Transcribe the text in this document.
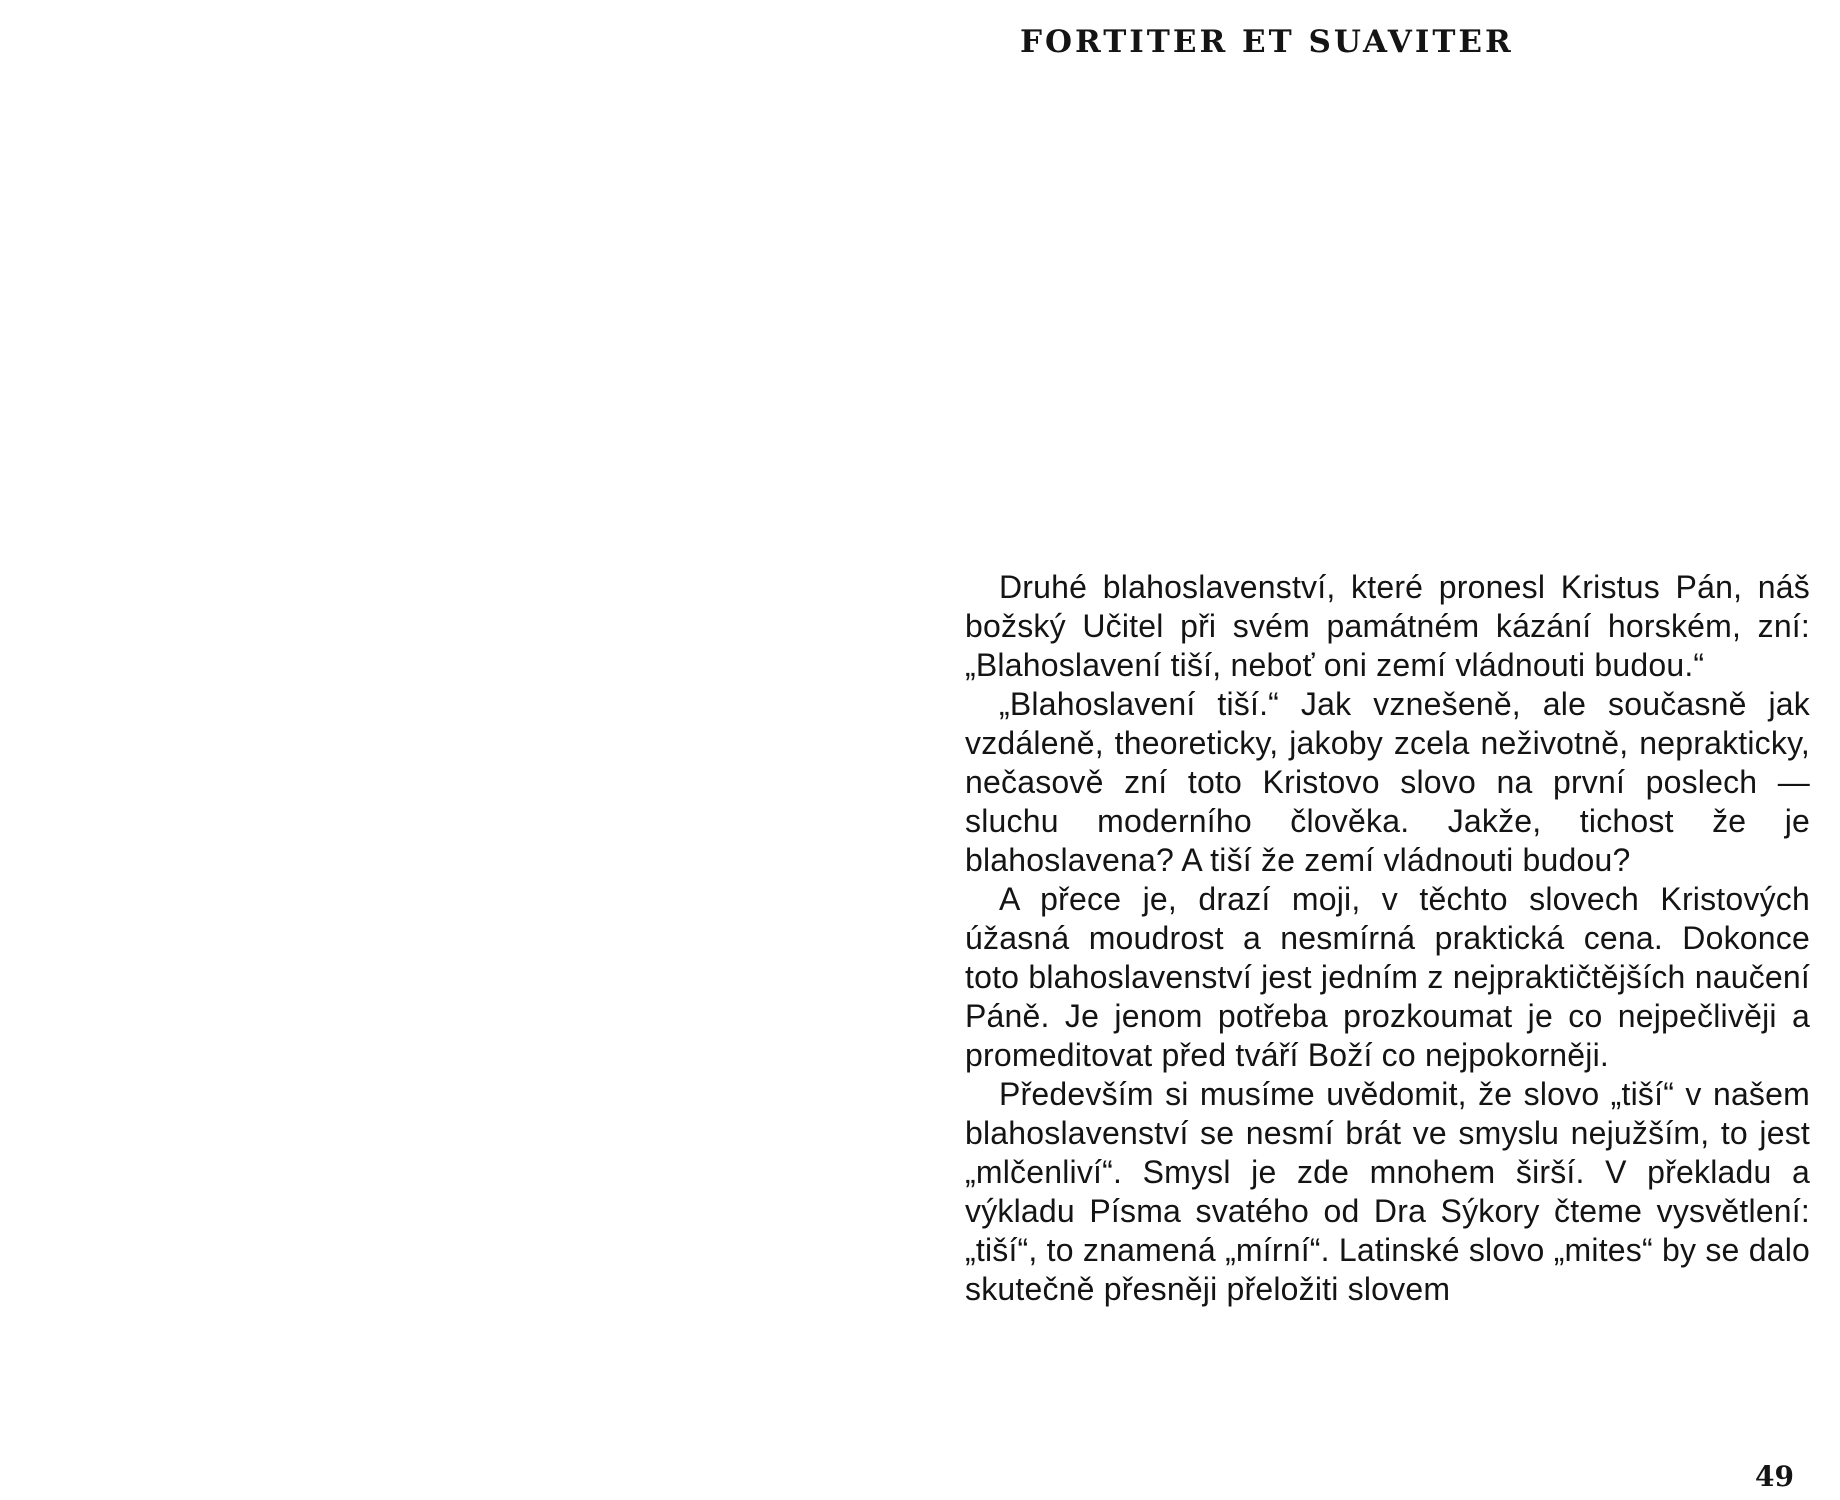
FORTITER ET SUAVITER

Druhé blahoslavenství, které pronesl Kristus Pán, náš božský Učitel při svém památném kázání horském, zní: „Blahoslavení tiší, neboť oni zemí vládnouti budou.“

„Blahoslavení tiší.“ Jak vznešeně, ale současně jak vzdáleně, theoreticky, jakoby zcela neživotně, neprakticky, nečasově zní toto Kristovo slovo na první poslech — sluchu moderního člověka. Jakže, tichost že je blahoslavena? A tiší že zemí vládnouti budou?

A přece je, drazí moji, v těchto slovech Kristových úžasná moudrost a nesmírná praktická cena. Dokonce toto blahoslavenství jest jedním z nejpraktičtějších naučení Páně. Je jenom potřeba prozkoumat je co nejpečlivěji a promeditovat před tváří Boží co nejpokorněji.

Především si musíme uvědomit, že slovo „tiší“ v našem blahoslavenství se nesmí brát ve smyslu nejužším, to jest „mlčenliví“. Smysl je zde mnohem širší. V překladu a výkladu Písma svatého od Dra Sýkory čteme vysvětlení: „tiší“, to znamená „mírní“. Latinské slovo „mites“ by se dalo skutečně přesněji přeložiti slovem

49
